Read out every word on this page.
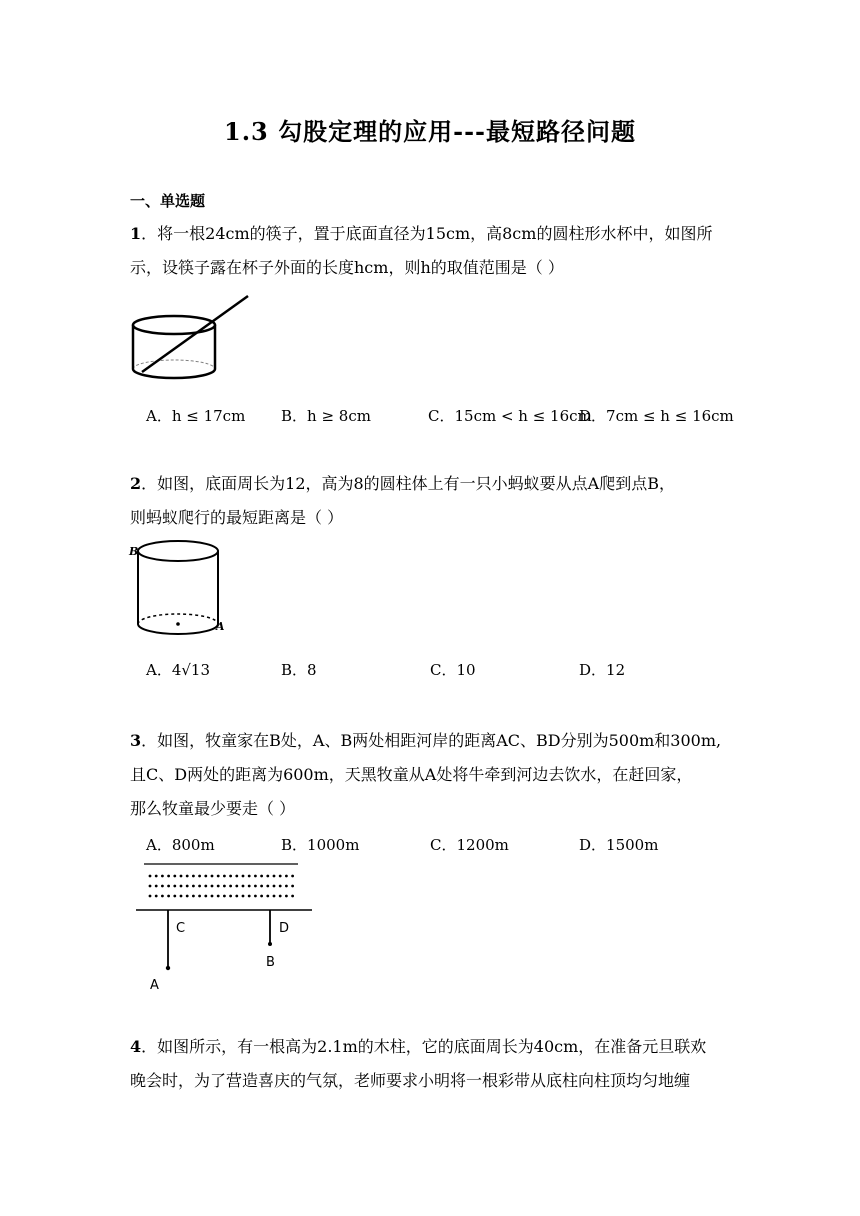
1.3 勾股定理的应用---最短路径问题
一、单选题
1．将一根24cm的筷子，置于底面直径为15cm，高8cm的圆柱形水杯中，如图所
示，设筷子露在杯子外面的长度hcm，则h的取值范围是（ ）
A．h ≤ 17cm B．h ≥ 8cm	C．15cm < h ≤ 16cm
D．7cm ≤ h ≤ 16cm
2．如图，底面周长为12，高为8的圆柱体上有一只小蚂蚁要从点A爬到点B，
则蚂蚁爬行的最短距离是（ ）
B
A
A．4√13	B．8	C．10	D．12
3．如图，牧童家在B处，A、B两处相距河岸的距离AC、BD分别为500m和300m,
且C、D两处的距离为600m，天黑牧童从A处将牛牵到河边去饮水，在赶回家，
那么牧童最少要走（ ）
A．800m	B．1000m	C．1200m	D．1500m
C	D
A
B
4．如图所示，有一根高为2.1m的木柱，它的底面周长为40cm，在准备元旦联欢
晚会时，为了营造喜庆的气氛，老师要求小明将一根彩带从底柱向柱顶均匀地缠
